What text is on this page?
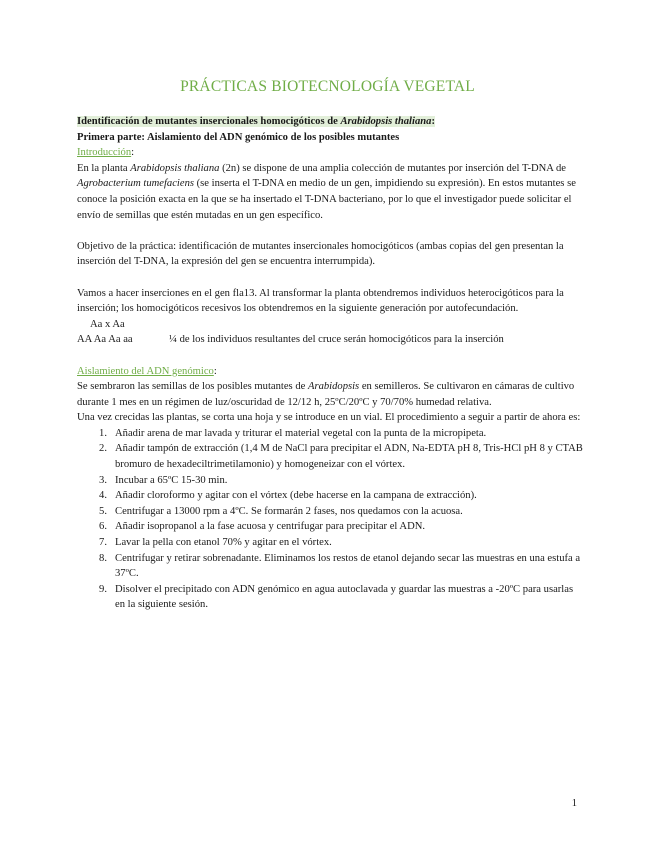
PRÁCTICAS BIOTECNOLOGÍA VEGETAL

Identificación de mutantes insercionales homocigóticos de Arabidopsis thaliana:

Primera parte: Aislamiento del ADN genómico de los posibles mutantes

Introducción:

En la planta Arabidopsis thaliana (2n) se dispone de una amplia colección de mutantes por inserción del T-DNA de Agrobacterium tumefaciens (se inserta el T-DNA en medio de un gen, impidiendo su expresión). En estos mutantes se conoce la posición exacta en la que se ha insertado el T-DNA bacteriano, por lo que el investigador puede solicitar el envío de semillas que estén mutadas en un gen específico.

Objetivo de la práctica: identificación de mutantes insercionales homocigóticos (ambas copias del gen presentan la inserción del T-DNA, la expresión del gen se encuentra interrumpida).

Vamos a hacer inserciones en el gen fla13. Al transformar la planta obtendremos individuos heterocigóticos para la inserción; los homocigóticos recesivos los obtendremos en la siguiente generación por autofecundación.

Aa x Aa

AA Aa Aa aa	¼ de los individuos resultantes del cruce serán homocigóticos para la inserción

Aislamiento del ADN genómico:

Se sembraron las semillas de los posibles mutantes de Arabidopsis en semilleros. Se cultivaron en cámaras de cultivo durante 1 mes en un régimen de luz/oscuridad de 12/12 h, 25ºC/20ºC y 70/70% humedad relativa.

Una vez crecidas las plantas, se corta una hoja y se introduce en un vial. El procedimiento a seguir a partir de ahora es:

1. Añadir arena de mar lavada y triturar el material vegetal con la punta de la micropipeta.
2. Añadir tampón de extracción (1,4 M de NaCl para precipitar el ADN, Na-EDTA pH 8, Tris-HCl pH 8 y CTAB bromuro de hexadeciltrimetilamonio) y homogeneizar con el vórtex.
3. Incubar a 65ºC 15-30 min.
4. Añadir cloroformo y agitar con el vórtex (debe hacerse en la campana de extracción).
5. Centrifugar a 13000 rpm a 4ºC. Se formarán 2 fases, nos quedamos con la acuosa.
6. Añadir isopropanol a la fase acuosa y centrifugar para precipitar el ADN.
7. Lavar la pella con etanol 70% y agitar en el vórtex.
8. Centrifugar y retirar sobrenadante. Eliminamos los restos de etanol dejando secar las muestras en una estufa a 37ºC.
9. Disolver el precipitado con ADN genómico en agua autoclavada y guardar las muestras a -20ºC para usarlas en la siguiente sesión.
1
